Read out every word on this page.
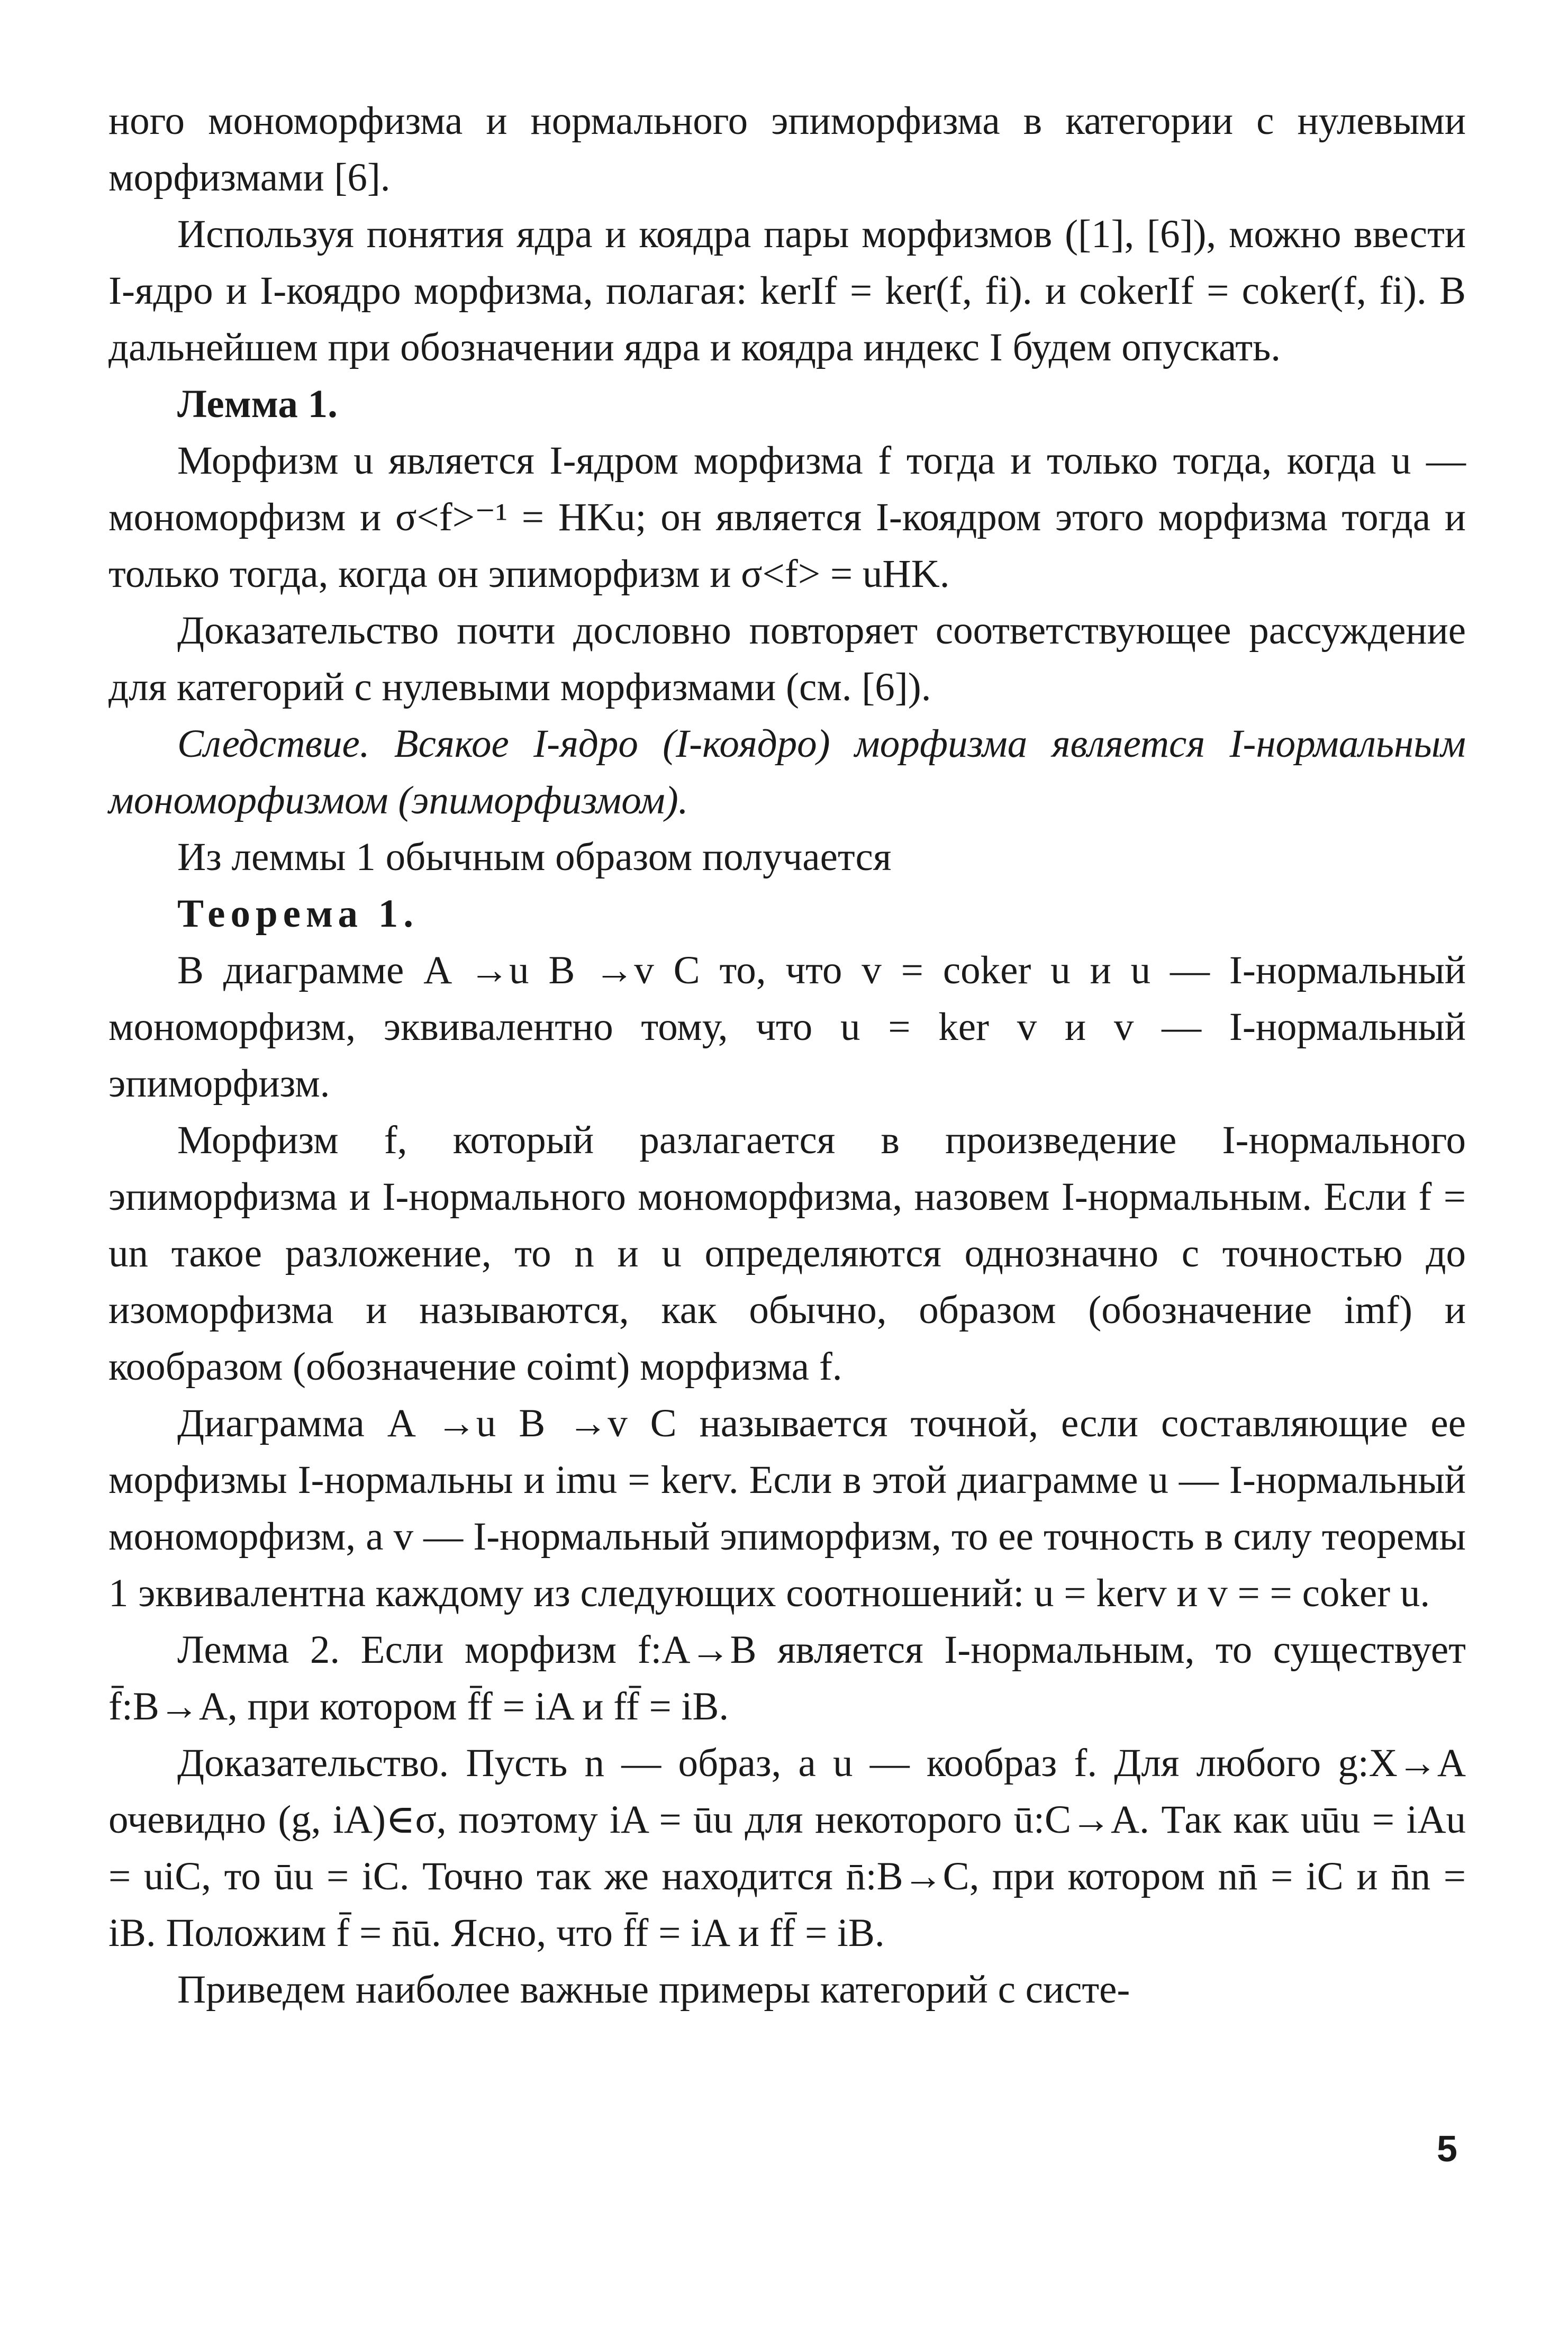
ного мономорфизма и нормального эпиморфизма в категории с нулевыми морфизмами [6].

Используя понятия ядра и коядра пары морфизмов ([1], [6]), можно ввести I-ядро и I-коядро морфизма, полагая: kerIf = ker(f, fi). и cokerIf = coker(f, fi). В дальнейшем при обозначении ядра и коядра индекс I будем опускать.

Лемма 1.

Морфизм u является I-ядром морфизма f тогда и только тогда, когда u — мономорфизм и σ<f>⁻¹ = HKu; он является I-коядром этого морфизма тогда и только тогда, когда он эпиморфизм и σ<f> = uHK.

Доказательство почти дословно повторяет соответствующее рассуждение для категорий с нулевыми морфизмами (см. [6]).

Следствие. Всякое I-ядро (I-коядро) морфизма является I-нормальным мономорфизмом (эпиморфизмом).

Из леммы 1 обычным образом получается

Теорема 1.

В диаграмме A →u B →v C то, что v = coker u и u — I-нормальный мономорфизм, эквивалентно тому, что u = ker v и v — I-нормальный эпиморфизм.

Морфизм f, который разлагается в произведение I-нормального эпиморфизма и I-нормального мономорфизма, назовем I-нормальным. Если f = un такое разложение, то n и u определяются однозначно с точностью до изоморфизма и называются, как обычно, образом (обозначение imf) и кообразом (обозначение coimt) морфизма f.

Диаграмма A →u B →v C называется точной, если составляющие ее морфизмы I-нормальны и imu = kerv. Если в этой диаграмме u — I-нормальный мономорфизм, а v — I-нормальный эпиморфизм, то ее точность в силу теоремы 1 эквивалентна каждому из следующих соотношений: u = kerv и v = = coker u.

Лемма 2. Если морфизм f:A→B является I-нормальным, то существует f̄:B→A, при котором f̄f = iA и ff̄ = iB.

Доказательство. Пусть n — образ, а u — кообраз f. Для любого g:X→A очевидно (g, iA)∈σ, поэтому iA = ūu для некоторого ū:C→A. Так как uūu = iAu = uiC, то ūu = iC. Точно так же находится n̄:B→C, при котором nn̄ = iC и n̄n = iB. Положим f̄ = n̄ū. Ясно, что f̄f = iA и ff̄ = iB.

Приведем наиболее важные примеры категорий с систе-

5
